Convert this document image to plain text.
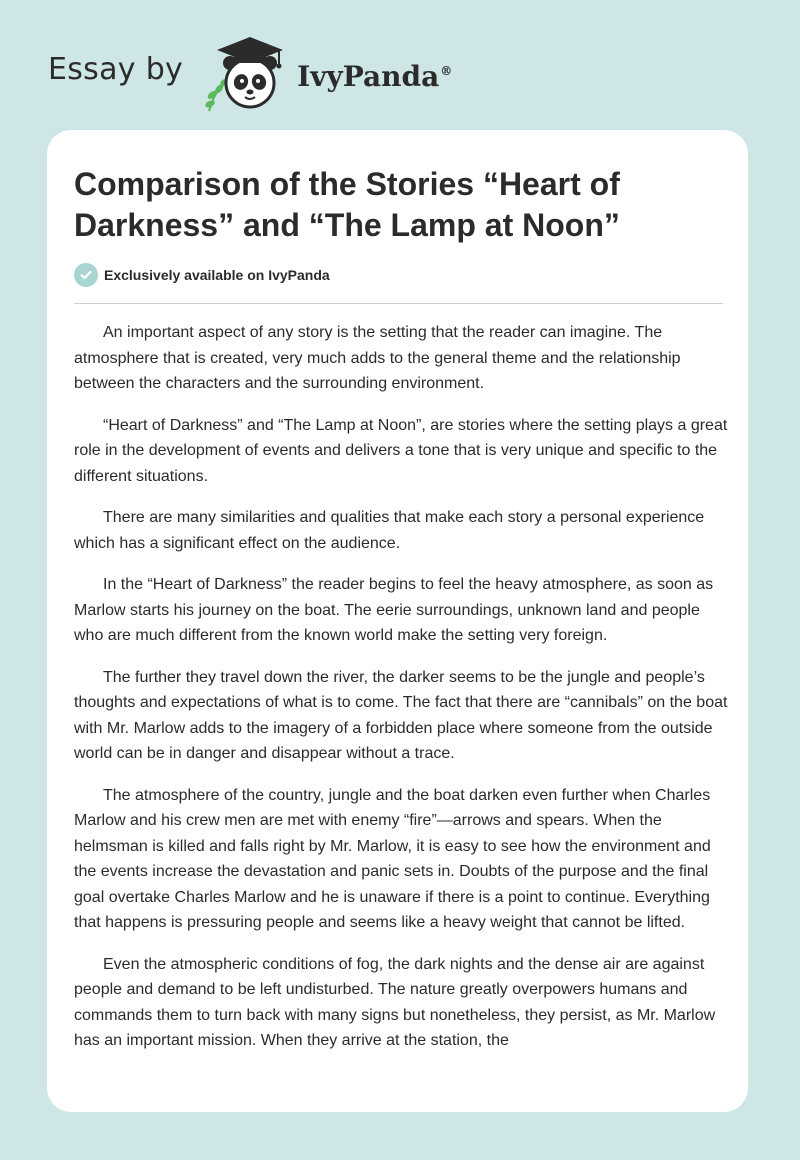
Essay by	IvyPanda®
Comparison of the Stories “Heart of Darkness” and “The Lamp at Noon”
Exclusively available on IvyPanda

An important aspect of any story is the setting that the reader can imagine. The atmosphere that is created, very much adds to the general theme and the relationship between the characters and the surrounding environment.

“Heart of Darkness” and “The Lamp at Noon”, are stories where the setting plays a great role in the development of events and delivers a tone that is very unique and specific to the different situations.

There are many similarities and qualities that make each story a personal experience which has a significant effect on the audience.

In the “Heart of Darkness” the reader begins to feel the heavy atmosphere, as soon as Marlow starts his journey on the boat. The eerie surroundings, unknown land and people who are much different from the known world make the setting very foreign.

The further they travel down the river, the darker seems to be the jungle and people’s thoughts and expectations of what is to come. The fact that there are “cannibals” on the boat with Mr. Marlow adds to the imagery of a forbidden place where someone from the outside world can be in danger and disappear without a trace.

The atmosphere of the country, jungle and the boat darken even further when Charles Marlow and his crew men are met with enemy “fire”—arrows and spears. When the helmsman is killed and falls right by Mr. Marlow, it is easy to see how the environment and the events increase the devastation and panic sets in. Doubts of the purpose and the final goal overtake Charles Marlow and he is unaware if there is a point to continue. Everything that happens is pressuring people and seems like a heavy weight that cannot be lifted.

Even the atmospheric conditions of fog, the dark nights and the dense air are against people and demand to be left undisturbed. The nature greatly overpowers humans and commands them to turn back with many signs but nonetheless, they persist, as Mr. Marlow has an important mission. When they arrive at the station, the
